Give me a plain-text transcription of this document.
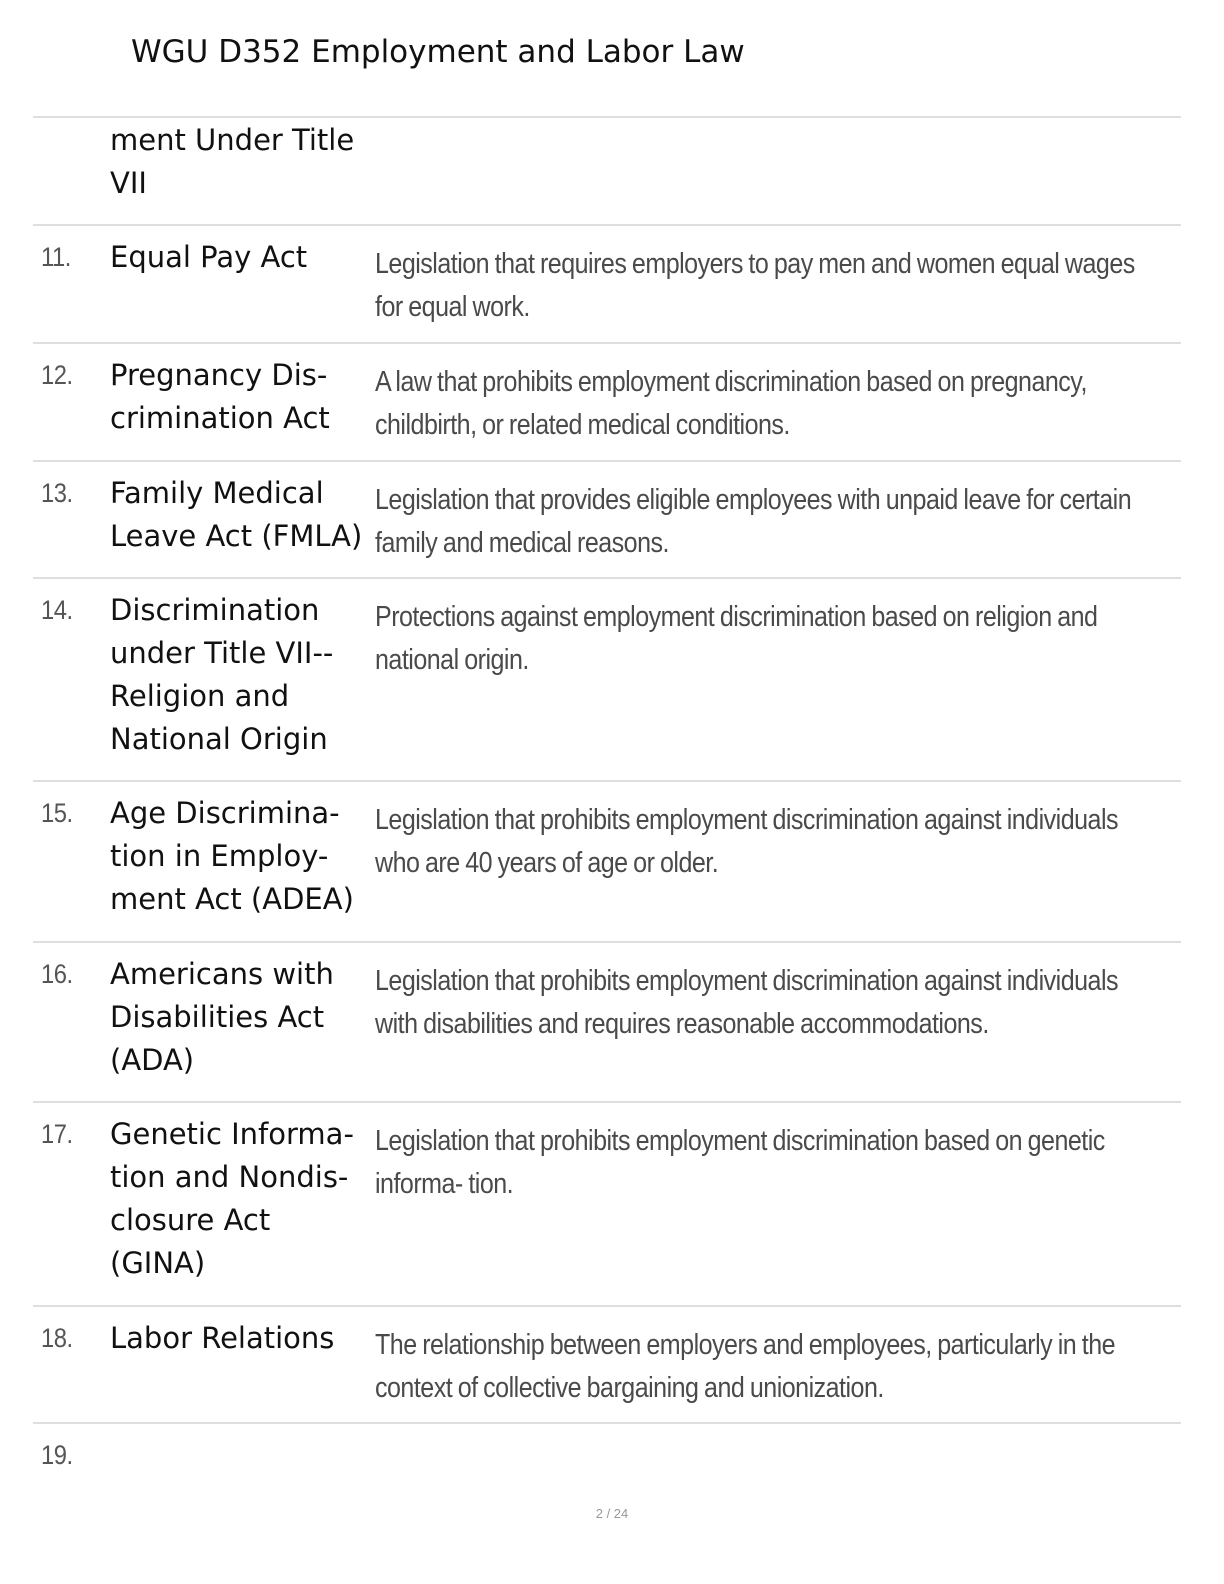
WGU D352 Employment and Labor Law
ment Under Title VII
11. Equal Pay Act	Legislation that requires employers to pay men and women equal wages for equal work.
12. Pregnancy Dis- crimination Act
A law that prohibits employment discrimination based on pregnancy, childbirth, or related medical conditions.
13. Family Medical Leave Act (FMLA)
Legislation that provides eligible employees with unpaid leave for certain family and medical reasons.
14. Discrimination under Title VII--Religion and National Origin
Protections against employment discrimination based on religion and national origin.
15. Age Discrimina- tion in Employ- ment Act (ADEA)
Legislation that prohibits employment discrimination against individuals who are 40 years of age or older.
16. Americans with Disabilities Act (ADA)
Legislation that prohibits employment discrimination against individuals with disabilities and requires reasonable accommodations.
17. Genetic Informa- tion and Nondis- closure Act (GINA)
Legislation that prohibits employment discrimination based on genetic informa- tion.
18. Labor Relations	The relationship between employers and employees, particularly in the context of collective bargaining and unionization.
19.
2 / 24
